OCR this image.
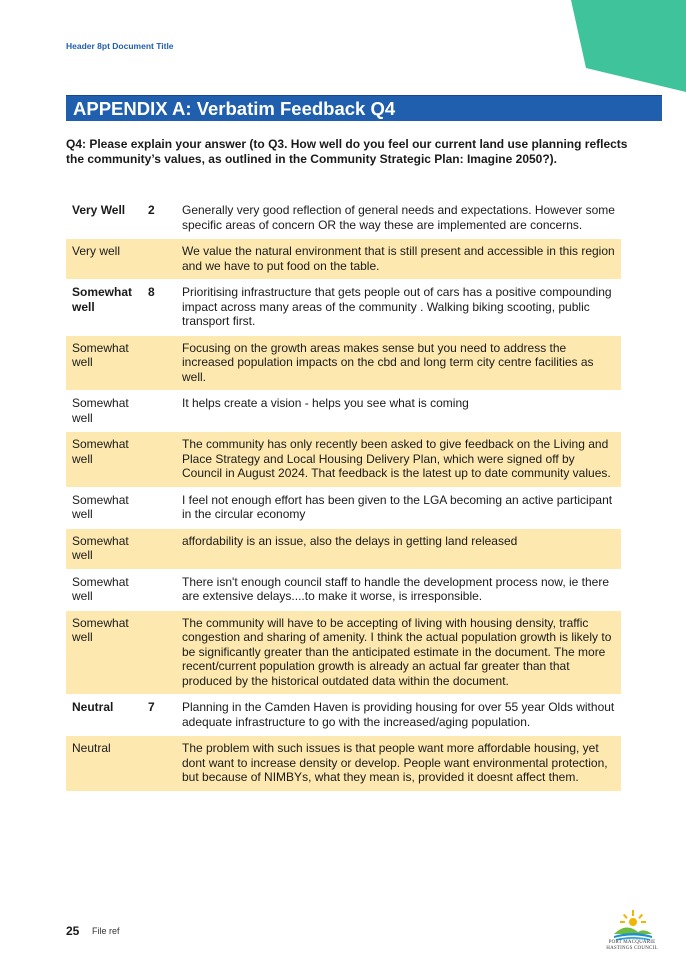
Header 8pt Document Title
APPENDIX A: Verbatim Feedback Q4
Q4: Please explain your answer (to Q3. How well do you feel our current land use planning reflects the community’s values, as outlined in the Community Strategic Plan: Imagine 2050?).
Very Well	2	Generally very good reflection of general needs and expectations. However some specific areas of concern OR the way these are implemented are concerns.
Very well		We value the natural environment that is still present and accessible in this region and we have to put food on the table.
Somewhat well	8	Prioritising infrastructure that gets people out of cars has a positive compounding impact across many areas of the community . Walking biking scooting, public transport first.
Somewhat well		Focusing on the growth areas makes sense but you need to address the increased population impacts on the cbd and long term city centre facilities as well.
Somewhat well		It helps create a vision - helps you see what is coming
Somewhat well		The community has only recently been asked to give feedback on the Living and Place Strategy and Local Housing Delivery Plan, which were signed off by Council in August 2024. That feedback is the latest up to date community values.
Somewhat well		I feel not enough effort has been given to the LGA becoming an active participant in the circular economy
Somewhat well		affordability is an issue, also the delays in getting land released
Somewhat well		There isn't enough council staff to handle the development process now, ie there are extensive delays....to make it worse, is irresponsible.
Somewhat well		The community will have to be accepting of living with housing density, traffic congestion and sharing of amenity. I think the actual population growth is likely to be significantly greater than the anticipated estimate in the document. The more recent/current population growth is already an actual far greater than that produced by the historical outdated data within the document.
Neutral	7	Planning in the Camden Haven is providing housing for over 55 year Olds without adequate infrastructure to go with the increased/aging population.
Neutral		The problem with such issues is that people want more affordable housing, yet dont want to increase density or develop. People want environmental protection, but because of NIMBYs, what they mean is, provided it doesnt affect them.
25 File ref
PORT MACQUARIE
HASTINGS COUNCIL
